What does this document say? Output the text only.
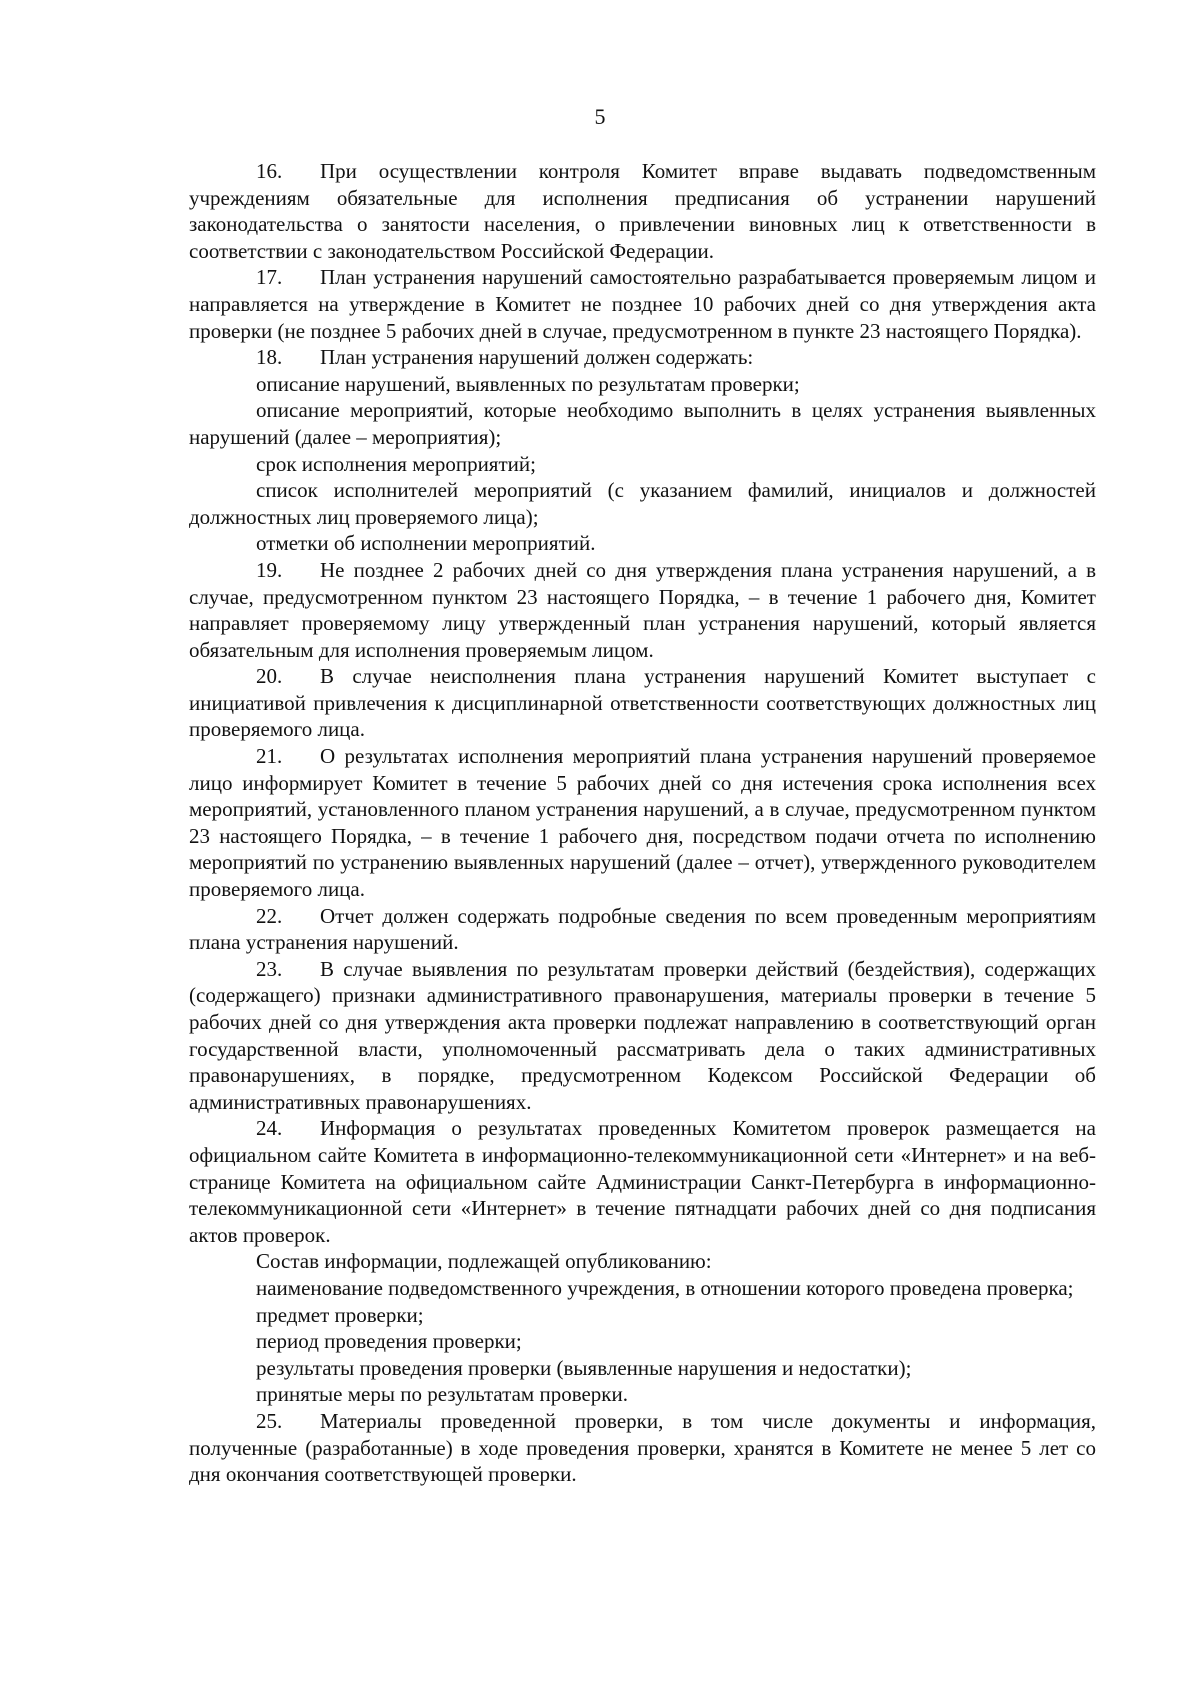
5

16. При осуществлении контроля Комитет вправе выдавать подведомственным учреждениям обязательные для исполнения предписания об устранении нарушений законодательства о занятости населения, о привлечении виновных лиц к ответственности в соответствии с законодательством Российской Федерации.

17. План устранения нарушений самостоятельно разрабатывается проверяемым лицом и направляется на утверждение в Комитет не позднее 10 рабочих дней со дня утверждения акта проверки (не позднее 5 рабочих дней в случае, предусмотренном в пункте 23 настоящего Порядка).

18. План устранения нарушений должен содержать:

описание нарушений, выявленных по результатам проверки;

описание мероприятий, которые необходимо выполнить в целях устранения выявленных нарушений (далее – мероприятия);

срок исполнения мероприятий;

список исполнителей мероприятий (с указанием фамилий, инициалов и должностей должностных лиц проверяемого лица);

отметки об исполнении мероприятий.

19. Не позднее 2 рабочих дней со дня утверждения плана устранения нарушений, а в случае, предусмотренном пунктом 23 настоящего Порядка, – в течение 1 рабочего дня, Комитет направляет проверяемому лицу утвержденный план устранения нарушений, который является обязательным для исполнения проверяемым лицом.

20. В случае неисполнения плана устранения нарушений Комитет выступает с инициативой привлечения к дисциплинарной ответственности соответствующих должностных лиц проверяемого лица.

21. О результатах исполнения мероприятий плана устранения нарушений проверяемое лицо информирует Комитет в течение 5 рабочих дней со дня истечения срока исполнения всех мероприятий, установленного планом устранения нарушений, а в случае, предусмотренном пунктом 23 настоящего Порядка, – в течение 1 рабочего дня, посредством подачи отчета по исполнению мероприятий по устранению выявленных нарушений (далее – отчет), утвержденного руководителем проверяемого лица.

22. Отчет должен содержать подробные сведения по всем проведенным мероприятиям плана устранения нарушений.

23. В случае выявления по результатам проверки действий (бездействия), содержащих (содержащего) признаки административного правонарушения, материалы проверки в течение 5 рабочих дней со дня утверждения акта проверки подлежат направлению в соответствующий орган государственной власти, уполномоченный рассматривать дела о таких административных правонарушениях, в порядке, предусмотренном Кодексом Российской Федерации об административных правонарушениях.

24. Информация о результатах проведенных Комитетом проверок размещается на официальном сайте Комитета в информационно-телекоммуникационной сети «Интернет» и на веб-странице Комитета на официальном сайте Администрации Санкт-Петербурга в информационно-телекоммуникационной сети «Интернет» в течение пятнадцати рабочих дней со дня подписания актов проверок.

Состав информации, подлежащей опубликованию:

наименование подведомственного учреждения, в отношении которого проведена проверка;

предмет проверки;

период проведения проверки;

результаты проведения проверки (выявленные нарушения и недостатки);

принятые меры по результатам проверки.

25. Материалы проведенной проверки, в том числе документы и информация, полученные (разработанные) в ходе проведения проверки, хранятся в Комитете не менее 5 лет со дня окончания соответствующей проверки.
